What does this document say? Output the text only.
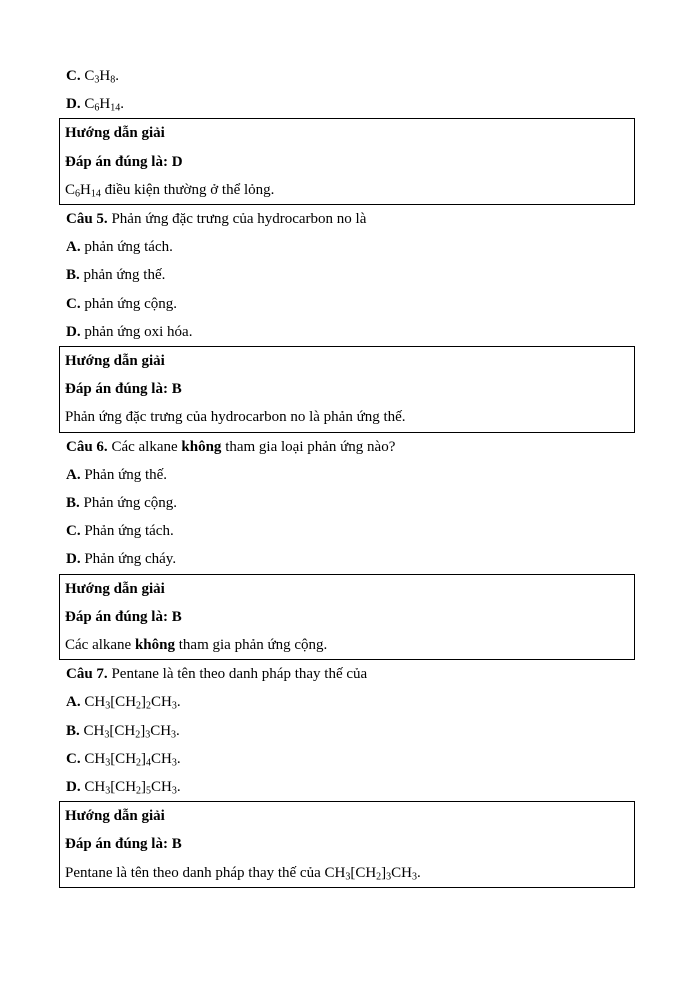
C. $C_3H_8$.
D. $C_6H_{14}$.
Hướng dẫn giải
Đáp án đúng là: D
$C_6H_{14}$ điều kiện thường ở thể lỏng.
Câu 5. Phản ứng đặc trưng của hydrocarbon no là
A. phản ứng tách.
B. phản ứng thế.
C. phản ứng cộng.
D. phản ứng oxi hóa.
Hướng dẫn giải
Đáp án đúng là: B
Phản ứng đặc trưng của hydrocarbon no là phản ứng thế.
Câu 6. Các alkane không tham gia loại phản ứng nào?
A. Phản ứng thế.
B. Phản ứng cộng.
C. Phản ứng tách.
D. Phản ứng cháy.
Hướng dẫn giải
Đáp án đúng là: B
Các alkane không tham gia phản ứng cộng.
Câu 7. Pentane là tên theo danh pháp thay thế của
A. $CH_3[CH_2]_2CH_3$.
B. $CH_3[CH_2]_3CH_3$.
C. $CH_3[CH_2]_4CH_3$.
D. $CH_3[CH_2]_5CH_3$.
Hướng dẫn giải
Đáp án đúng là: B
Pentane là tên theo danh pháp thay thế của $CH_3[CH_2]_3CH_3$.
